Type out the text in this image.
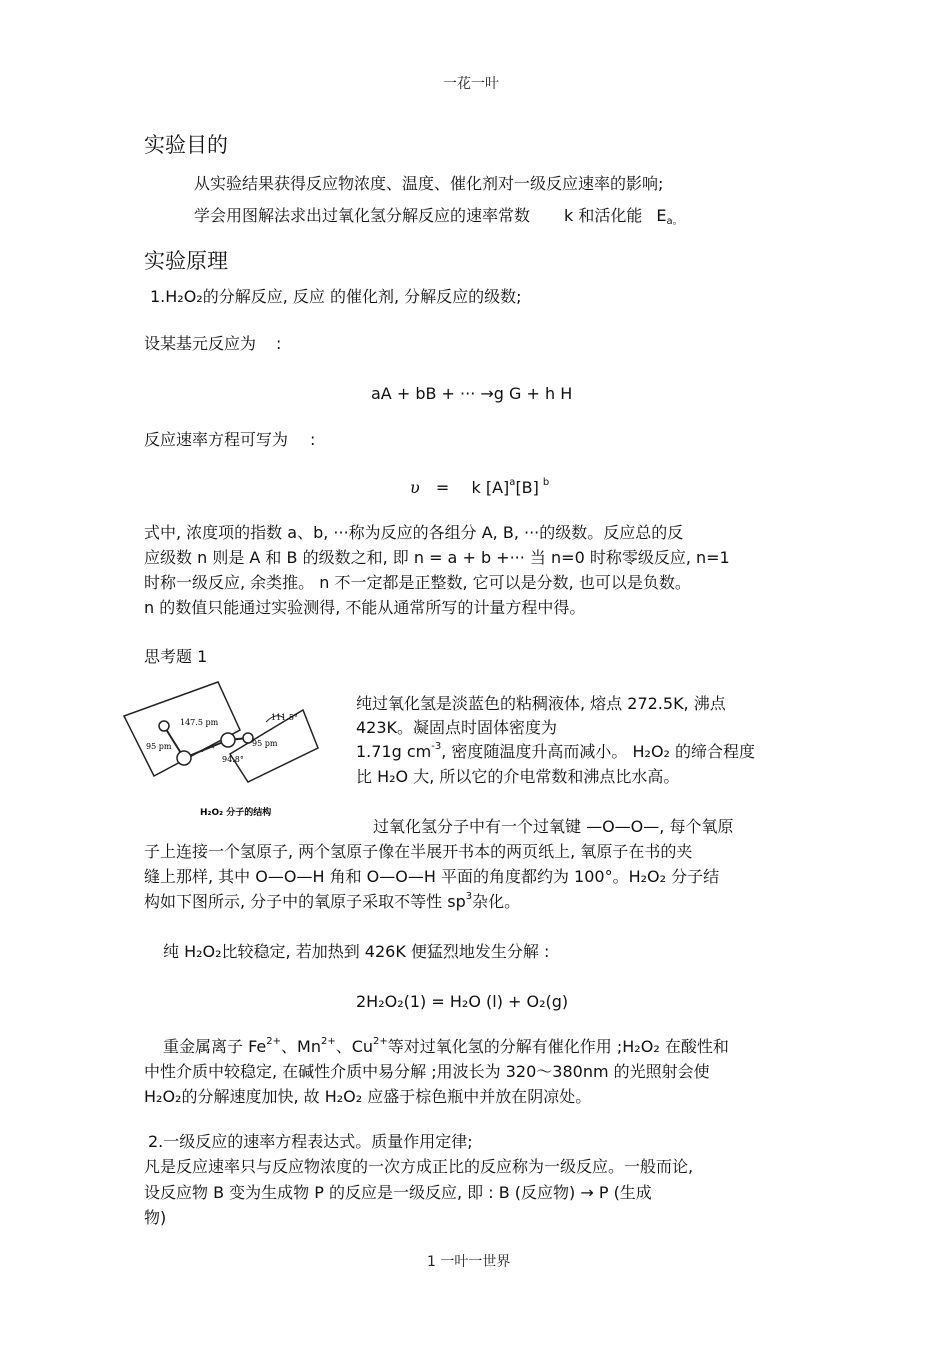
一花一叶
实验目的
从实验结果获得反应物浓度、温度、催化剂对一级反应速率的影响;
学会用图解法求出过氧化氢分解反应的速率常数 k 和活化能 $E_{a。}$
实验原理
1.H₂O₂的分解反应, 反应 的催化剂, 分解反应的级数;
设某基元反应为 :
aA + bB + ··· →g G + h H
反应速率方程可写为 :
υ = k $[A]^a[B]$ $^b$
式中, 浓度项的指数 a、b, ···称为反应的各组分 A, B, ···的级数。反应总的反
应级数 n 则是 A 和 B 的级数之和, 即 n = a + b +··· 当 n=0 时称零级反应, n=1
时称一级反应, 余类推。 n 不一定都是正整数, 它可以是分数, 也可以是负数。
n 的数值只能通过实验测得, 不能从通常所写的计量方程中得。
思考题 1
147.5 pm
111.5°
95 pm	95 pm
94.8°
H₂O₂ 分子的结构
纯过氧化氢是淡蓝色的粘稠液体, 熔点 272.5K, 沸点
423K。凝固点时固体密度为
1.71g $cm^{-3}$, 密度随温度升高而减小。 H₂O₂ 的缔合程度
比 H₂O 大, 所以它的介电常数和沸点比水高。
过氧化氢分子中有一个过氧键 —O—O—, 每个氧原
子上连接一个氢原子, 两个氢原子像在半展开书本的两页纸上, 氧原子在书的夹
缝上那样, 其中 O—O—H 角和 O—O—H 平面的角度都约为 100°。H₂O₂ 分子结
构如下图所示, 分子中的氧原子采取不等性 $sp^3$杂化。
纯 H₂O₂比较稳定, 若加热到 426K 便猛烈地发生分解 :
2H₂O₂(1) = H₂O (l) + O₂(g)
重金属离子 $Fe^{2+}$、$Mn^{2+}$、$Cu^{2+}$等对过氧化氢的分解有催化作用 ;H₂O₂ 在酸性和
中性介质中较稳定, 在碱性介质中易分解 ;用波长为 320～380nm 的光照射会使
H₂O₂的分解速度加快, 故 H₂O₂ 应盛于棕色瓶中并放在阴凉处。
2.一级反应的速率方程表达式。质量作用定律;
凡是反应速率只与反应物浓度的一次方成正比的反应称为一级反应。一般而论,
设反应物 B 变为生成物 P 的反应是一级反应, 即 : B (反应物) → P (生成
物)
1 一叶一世界
